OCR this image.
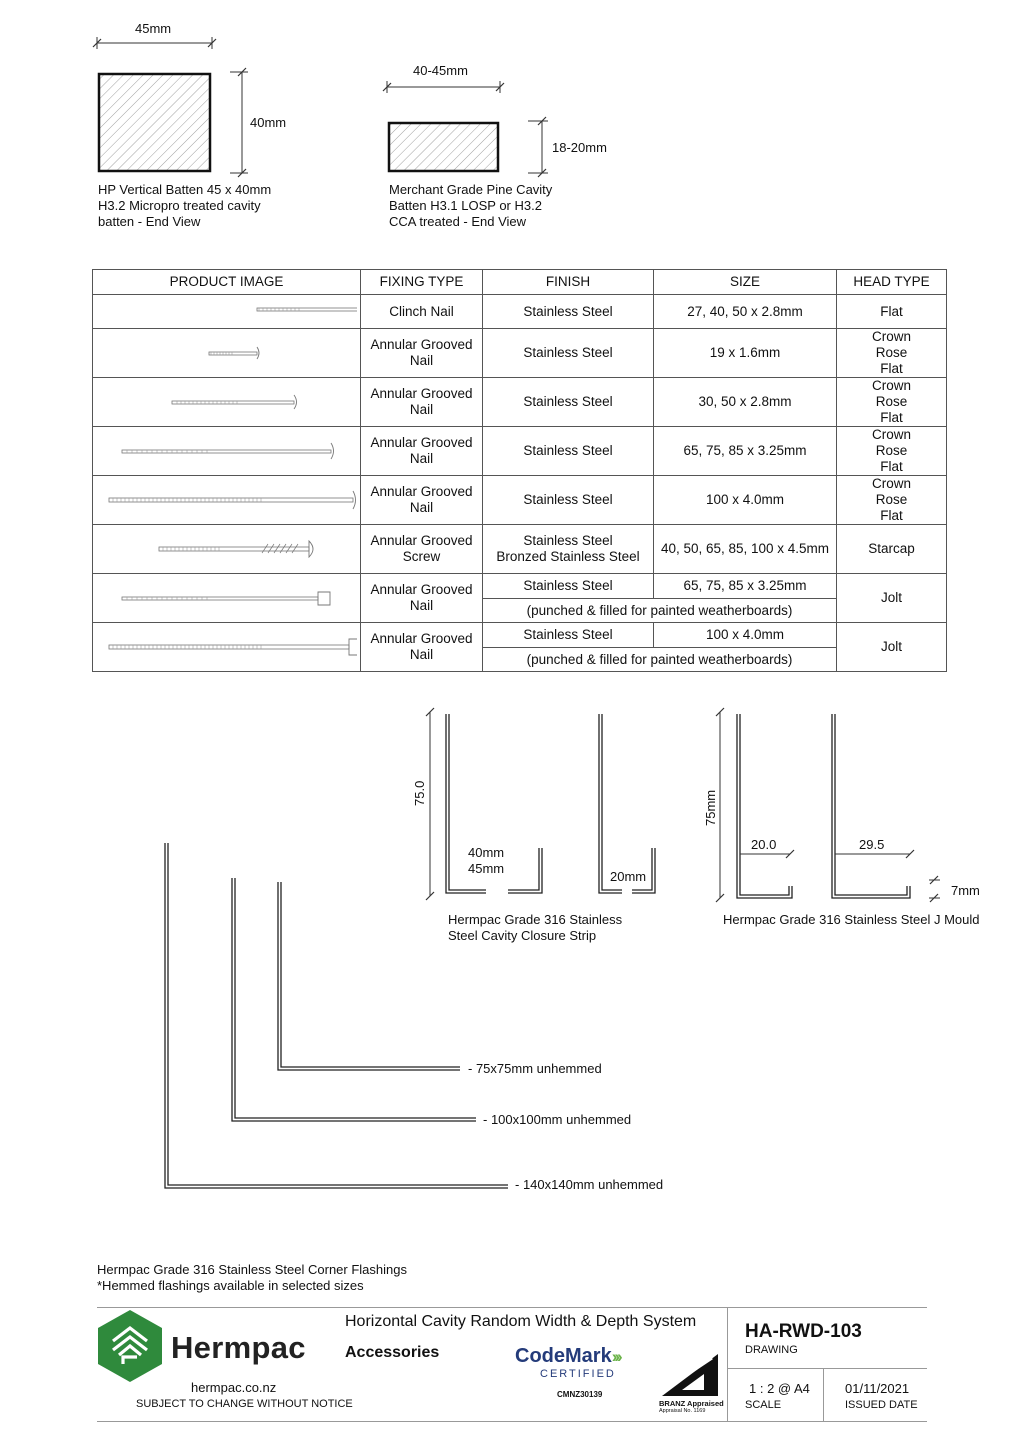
45mm
40mm
HP Vertical Batten 45 x 40mm
H3.2 Micropro treated cavity
batten - End View
40-45mm
18-20mm
Merchant Grade Pine Cavity
Batten H3.1 LOSP or H3.2
CCA treated - End View
PRODUCT IMAGE	FIXING TYPE	FINISH	SIZE	HEAD TYPE

Clinch Nail	Stainless Steel	27, 40, 50 x 2.8mm	Flat

Annular Grooved
Nail	Stainless Steel	19 x 1.6mm	Crown
Rose
Flat

Annular Grooved
Nail	Stainless Steel	30, 50 x 2.8mm	Crown
Rose
Flat

Annular Grooved
Nail	Stainless Steel	65, 75, 85 x 3.25mm	Crown
Rose
Flat

Annular Grooved
Nail	Stainless Steel	100 x 4.0mm	Crown
Rose
Flat

Annular Grooved
Screw	Stainless Steel
Bronzed Stainless Steel	40, 50, 65, 85, 100 x 4.5mm	Starcap

Annular Grooved
Nail	Stainless Steel	65, 75, 85 x 3.25mm	Jolt

		(punched & filled for painted weatherboards)		

Annular Grooved
Nail	Stainless Steel	100 x 4.0mm	Jolt

		(punched & filled for painted weatherboards)		
75.0
40mm
45mm
20mm
Hermpac Grade 316 Stainless
Steel Cavity Closure Strip
75mm
20.0	29.5
7mm
Hermpac Grade 316 Stainless Steel J Mould
- 75x75mm unhemmed
- 100x100mm unhemmed
- 140x140mm unhemmed
Hermpac Grade 316 Stainless Steel Corner Flashings
*Hemmed flashings available in selected sizes
Hermpac
hermpac.co.nz
SUBJECT TO CHANGE WITHOUT NOTICE
Horizontal Cavity Random Width & Depth System
Accessories	CodeMark›››
CERTIFIED
CMNZ30139
BRANZ Appraised
Appraisal No. 1169
HA-RWD-103
DRAWING
1 : 2 @ A4
SCALE
01/11/2021
ISSUED DATE
